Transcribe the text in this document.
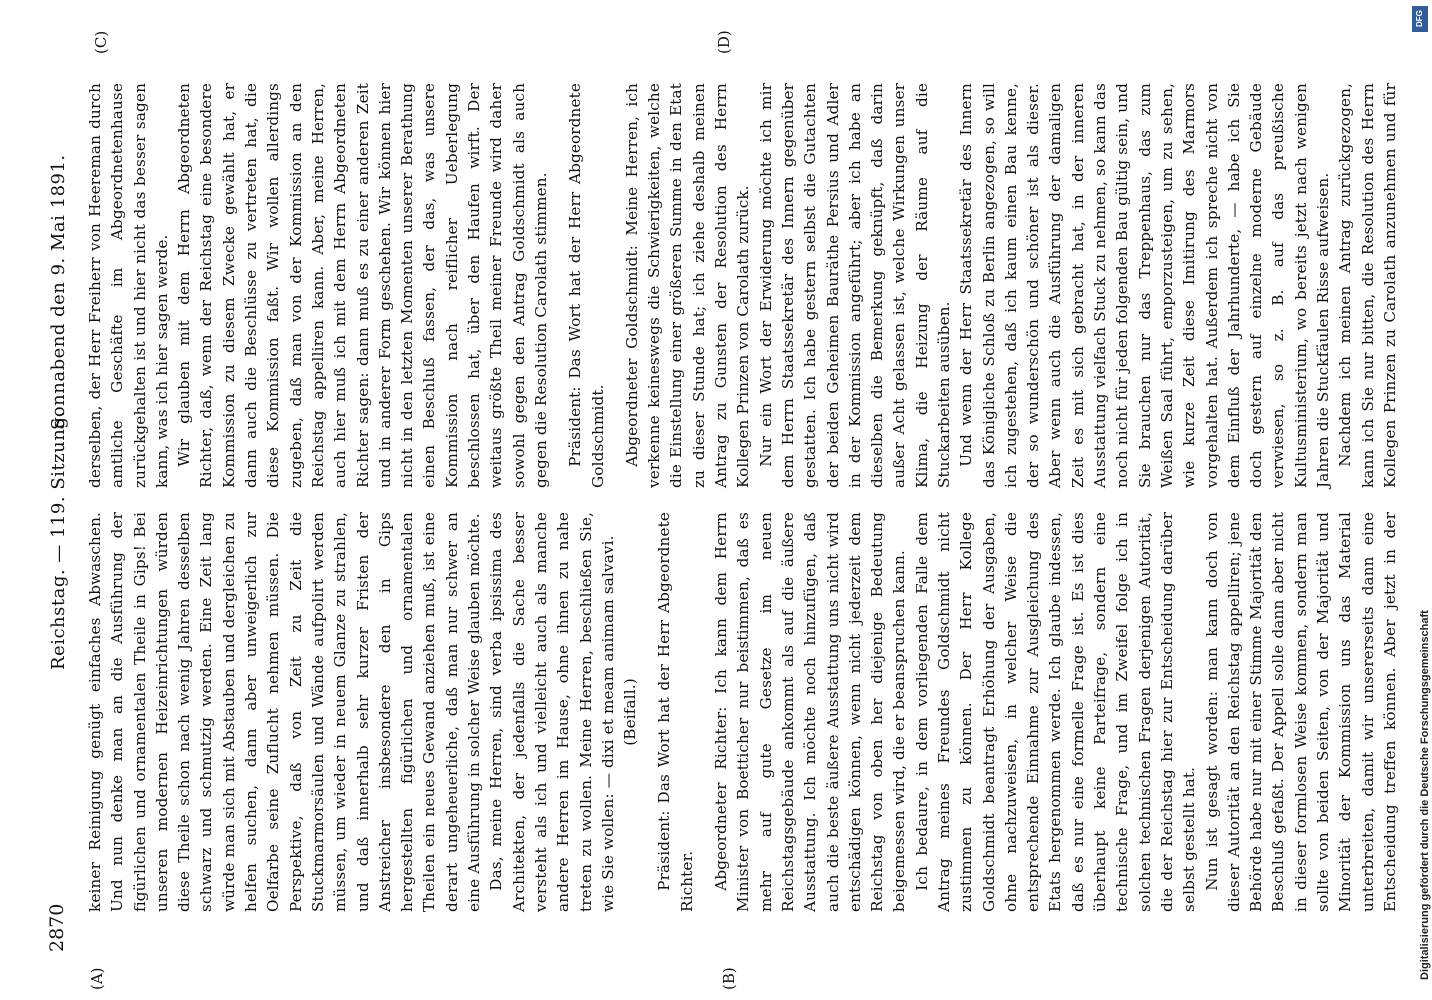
2870
Reichstag. — 119. Sitzung.
Sonnabend den 9. Mai 1891.
(A)	(B)
(C)	(D)

keiner Reinigung genügt einfaches Abwaschen. Und nun denke man an die Ausführung der figürlichen und ornamentalen Theile in Gips! Bei unseren modernen Heizeinrichtungen würden diese Theile schon nach wenig Jahren desselben schwarz und schmutzig werden. Eine Zeit lang würde man sich mit Abstauben und dergleichen zu helfen suchen, dann aber unweigerlich zur Oelfarbe seine Zuflucht nehmen müssen. Die Perspektive, daß von Zeit zu Zeit die Stuckmarmorsäulen und Wände aufpolirt werden müssen, um wieder in neuem Glanze zu strahlen, und daß innerhalb sehr kurzer Fristen der Anstreicher insbesondere den in Gips hergestellten figürlichen und ornamentalen Theilen ein neues Gewand anziehen muß, ist eine derart ungeheuerliche, daß man nur schwer an eine Ausführung in solcher Weise glauben möchte. Das, meine Herren, sind verba ipsissima des Architekten, der jedenfalls die Sache besser versteht als ich und vielleicht auch als manche andere Herren im Hause, ohne ihnen zu nahe treten zu wollen. Meine Herren, beschließen Sie, wie Sie wollen: — dixi et meam animam salvavi. (Beifall.) Präsident: Das Wort hat der Herr Abgeordnete Richter. Abgeordneter Richter: Ich kann dem Herrn Minister von Boetticher nur beistimmen, daß es mehr auf gute Gesetze im neuen Reichstagsgebäude ankommt als auf die äußere Ausstattung. Ich möchte noch hinzufügen, daß auch die beste äußere Ausstattung uns nicht wird entschädigen können, wenn nicht jederzeit dem Reichstag von oben her diejenige Bedeutung beigemessen wird, die er beanspruchen kann. Ich bedaure, in dem vorliegenden Falle dem Antrag meines Freundes Goldschmidt nicht zustimmen zu können. Der Herr Kollege Goldschmidt beantragt Erhöhung der Ausgaben, ohne nachzuweisen, in welcher Weise die entsprechende Einnahme zur Ausgleichung des Etats hergenommen werde. Ich glaube indessen, daß es nur eine formelle Frage ist. Es ist dies überhaupt keine Parteifrage, sondern eine technische Frage, und im Zweifel folge ich in solchen technischen Fragen derjenigen Autorität, die der Reichstag hier zur Entscheidung darüber selbst gestellt hat. Nun ist gesagt worden: man kann doch von dieser Autorität an den Reichstag appelliren; jene Behörde habe nur mit einer Stimme Majorität den Beschluß gefaßt. Der Appell solle dann aber nicht in dieser formlosen Weise kommen, sondern man sollte von beiden Seiten, von der Majorität und Minorität der Kommission uns das Material unterbreiten, damit wir unsererseits dann eine Entscheidung treffen können. Aber jetzt in der

derselben, der Herr Freiherr von Heereman durch amtliche Geschäfte im Abgeordnetenhause zurückgehalten ist und hier nicht das besser sagen kann, was ich hier sagen werde. Wir glauben mit dem Herrn Abgeordneten Richter, daß, wenn der Reichstag eine besondere Kommission zu diesem Zwecke gewählt hat, er dann auch die Beschlüsse zu vertreten hat, die diese Kommission faßt. Wir wollen allerdings zugeben, daß man von der Kommission an den Reichstag appelliren kann. Aber, meine Herren, auch hier muß ich mit dem Herrn Abgeordneten Richter sagen: dann muß es zu einer anderen Zeit und in anderer Form geschehen. Wir können hier nicht in den letzten Momenten unserer Berathung einen Beschluß fassen, der das, was unsere Kommission nach reiflicher Ueberlegung beschlossen hat, über den Haufen wirft. Der weitaus größte Theil meiner Freunde wird daher sowohl gegen den Antrag Goldschmidt als auch gegen die Resolution Carolath stimmen. Präsident: Das Wort hat der Herr Abgeordnete Goldschmidt. Abgeordneter Goldschmidt: Meine Herren, ich verkenne keineswegs die Schwierigkeiten, welche die Einstellung einer größeren Summe in den Etat zu dieser Stunde hat; ich ziehe deshalb meinen Antrag zu Gunsten der Resolution des Herrn Kollegen Prinzen von Carolath zurück. Nur ein Wort der Erwiderung möchte ich mir dem Herrn Staatssekretär des Innern gegenüber gestatten. Ich habe gestern selbst die Gutachten der beiden Geheimen Bauräthe Persius und Adler in der Kommission angeführt; aber ich habe an dieselben die Bemerkung geknüpft, daß darin außer Acht gelassen ist, welche Wirkungen unser Klima, die Heizung der Räume auf die Stuckarbeiten ausüben. Und wenn der Herr Staatssekretär des Innern das Königliche Schloß zu Berlin angezogen, so will ich zugestehen, daß ich kaum einen Bau kenne, der so wunderschön und schöner ist als dieser. Aber wenn auch die Ausführung der damaligen Zeit es mit sich gebracht hat, in der inneren Ausstattung vielfach Stuck zu nehmen, so kann das noch nicht für jeden folgenden Bau gültig sein, und Sie brauchen nur das Treppenhaus, das zum Weißen Saal führt, emporzusteigen, um zu sehen, wie kurze Zeit diese Imitirung des Marmors vorgehalten hat. Außerdem ich spreche nicht von dem Einfluß der Jahrhunderte, — habe ich Sie doch gestern auf einzelne moderne Gebäude verwiesen, so z. B. auf das preußische Kultusministerium, wo bereits jetzt nach wenigen Jahren die Stuckfäulen Risse aufweisen. Nachdem ich meinen Antrag zurückgezogen, kann ich Sie nur bitten, die Resolution des Herrn Kollegen Prinzen zu Carolath anzunehmen und für

DFG
Digitalisierung gefördert durch die Deutsche Forschungsgemeinschaft
